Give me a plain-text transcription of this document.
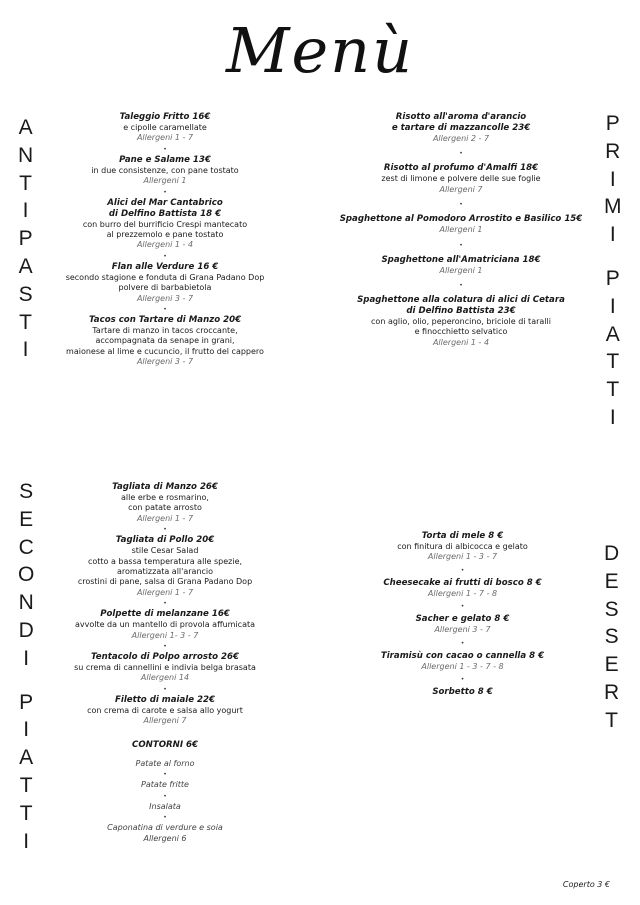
Menù
A
N
T
I
P
A
S
T
I
P
R
I
M
I
P
I
A
T
T
I
S
E
C
O
N
D
I
P
I
A
T
T
I
D
E
S
S
E
R
T
Taleggio Fritto 16€
e cipolle caramellate
Allergeni 1 - 7
•
Pane e Salame 13€
in due consistenze, con pane tostato
Allergeni 1
•
Alici del Mar Cantabrico
di Delfino Battista 18 €
con burro del burrificio Crespi mantecato
al prezzemolo e pane tostato
Allergeni 1 - 4
•
Flan alle Verdure 16 €
secondo stagione e fonduta di Grana Padano Dop
polvere di barbabietola
Allergeni 3 - 7
•
Tacos con Tartare di Manzo 20€
Tartare di manzo in tacos croccante,
accompagnata da senape in grani,
maionese al lime e cucuncio, il frutto del cappero
Allergeni 3 - 7
Risotto all'aroma d'arancio
e tartare di mazzancolle 23€
Allergeni 2 - 7
•
Risotto al profumo d'Amalfi 18€
zest di limone e polvere delle sue foglie
Allergeni 7
•
Spaghettone al Pomodoro Arrostito e Basilico 15€
Allergeni 1
•
Spaghettone all'Amatriciana 18€
Allergeni 1
•
Spaghettone alla colatura di alici di Cetara
di Delfino Battista 23€
con aglio, olio, peperoncino, briciole di taralli
e finocchietto selvatico
Allergeni 1 - 4
Tagliata di Manzo 26€
alle erbe e rosmarino,
con patate arrosto
Allergeni 1 - 7
•
Tagliata di Pollo 20€
stile Cesar Salad
cotto a bassa temperatura alle spezie,
aromatizzata all'arancio
crostini di pane, salsa di Grana Padano Dop
Allergeni 1 - 7
•
Polpette di melanzane 16€
avvolte da un mantello di provola affumicata
Allergeni 1- 3 - 7
•
Tentacolo di Polpo arrosto 26€
su crema di cannellini e indivia belga brasata
Allergeni 14
•
Filetto di maiale 22€
con crema di carote e salsa allo yogurt
Allergeni 7
CONTORNI 6€
Patate al forno
•
Patate fritte
•
Insalata
•
Caponatina di verdure e soia
Allergeni 6
Torta di mele 8 €
con finitura di albicocca e gelato
Allergeni 1 - 3 - 7
•
Cheesecake ai frutti di bosco 8 €
Allergeni 1 - 7 - 8
•
Sacher e gelato 8 €
Allergeni 3 - 7
•
Tiramisù con cacao o cannella 8 €
Allergeni 1 - 3 - 7 - 8
•
Sorbetto 8 €
Coperto 3 €
